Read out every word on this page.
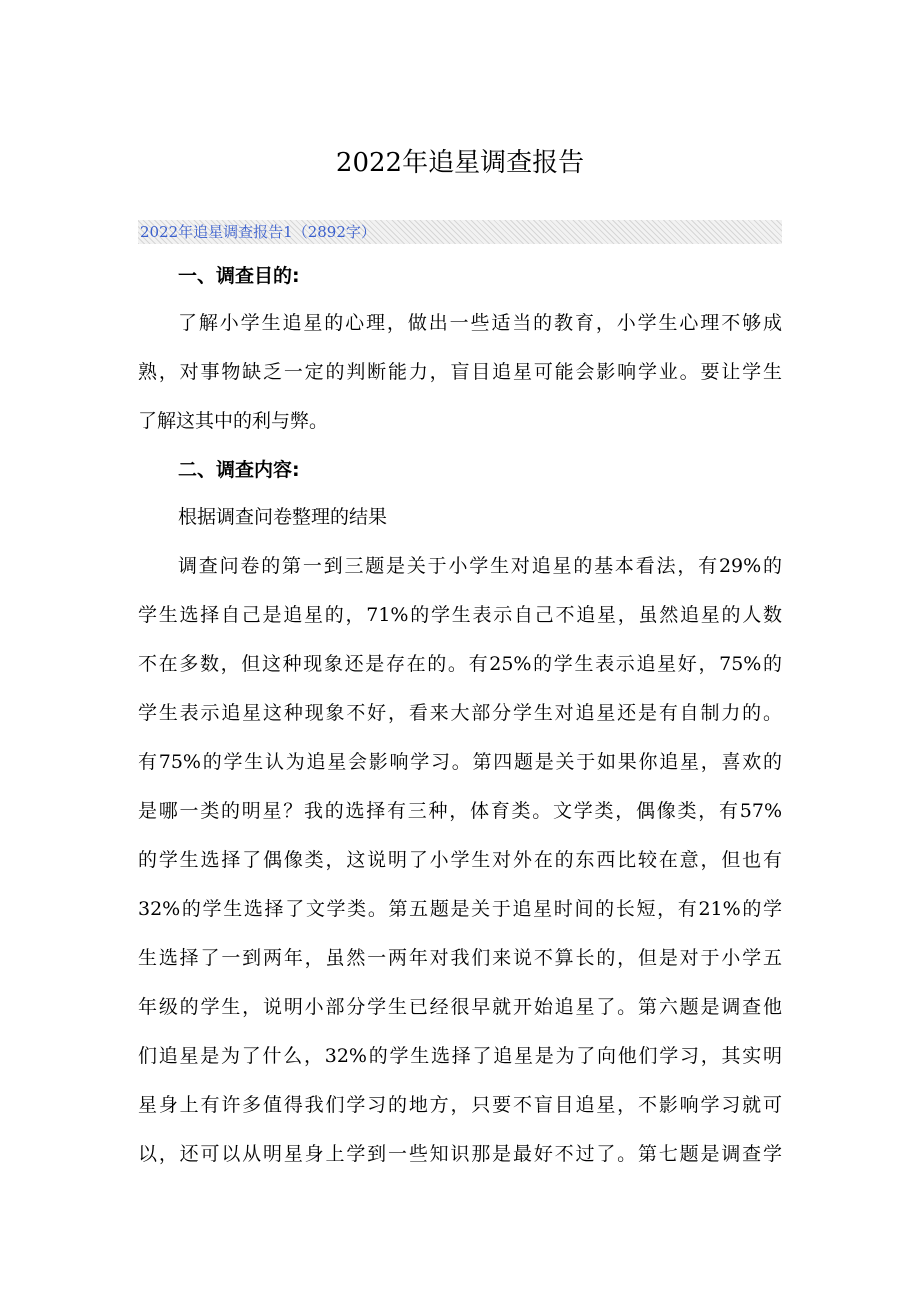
2022年追星调查报告
2022年追星调查报告1（2892字）
一、调查目的:

了解小学生追星的心理，做出一些适当的教育，小学生心理不够成

熟，对事物缺乏一定的判断能力，盲目追星可能会影响学业。要让学生

了解这其中的利与弊。

二、调查内容:

根据调查问卷整理的结果

调查问卷的第一到三题是关于小学生对追星的基本看法，有29%的

学生选择自己是追星的，71%的学生表示自己不追星，虽然追星的人数

不在多数，但这种现象还是存在的。有25%的学生表示追星好，75%的

学生表示追星这种现象不好，看来大部分学生对追星还是有自制力的。

有75%的学生认为追星会影响学习。第四题是关于如果你追星，喜欢的

是哪一类的明星？我的选择有三种，体育类。文学类，偶像类，有57%

的学生选择了偶像类，这说明了小学生对外在的东西比较在意，但也有

32%的学生选择了文学类。第五题是关于追星时间的长短，有21%的学

生选择了一到两年，虽然一两年对我们来说不算长的，但是对于小学五

年级的学生，说明小部分学生已经很早就开始追星了。第六题是调查他

们追星是为了什么，32%的学生选择了追星是为了向他们学习，其实明

星身上有许多值得我们学习的地方，只要不盲目追星，不影响学习就可

以，还可以从明星身上学到一些知识那是最好不过了。第七题是调查学
